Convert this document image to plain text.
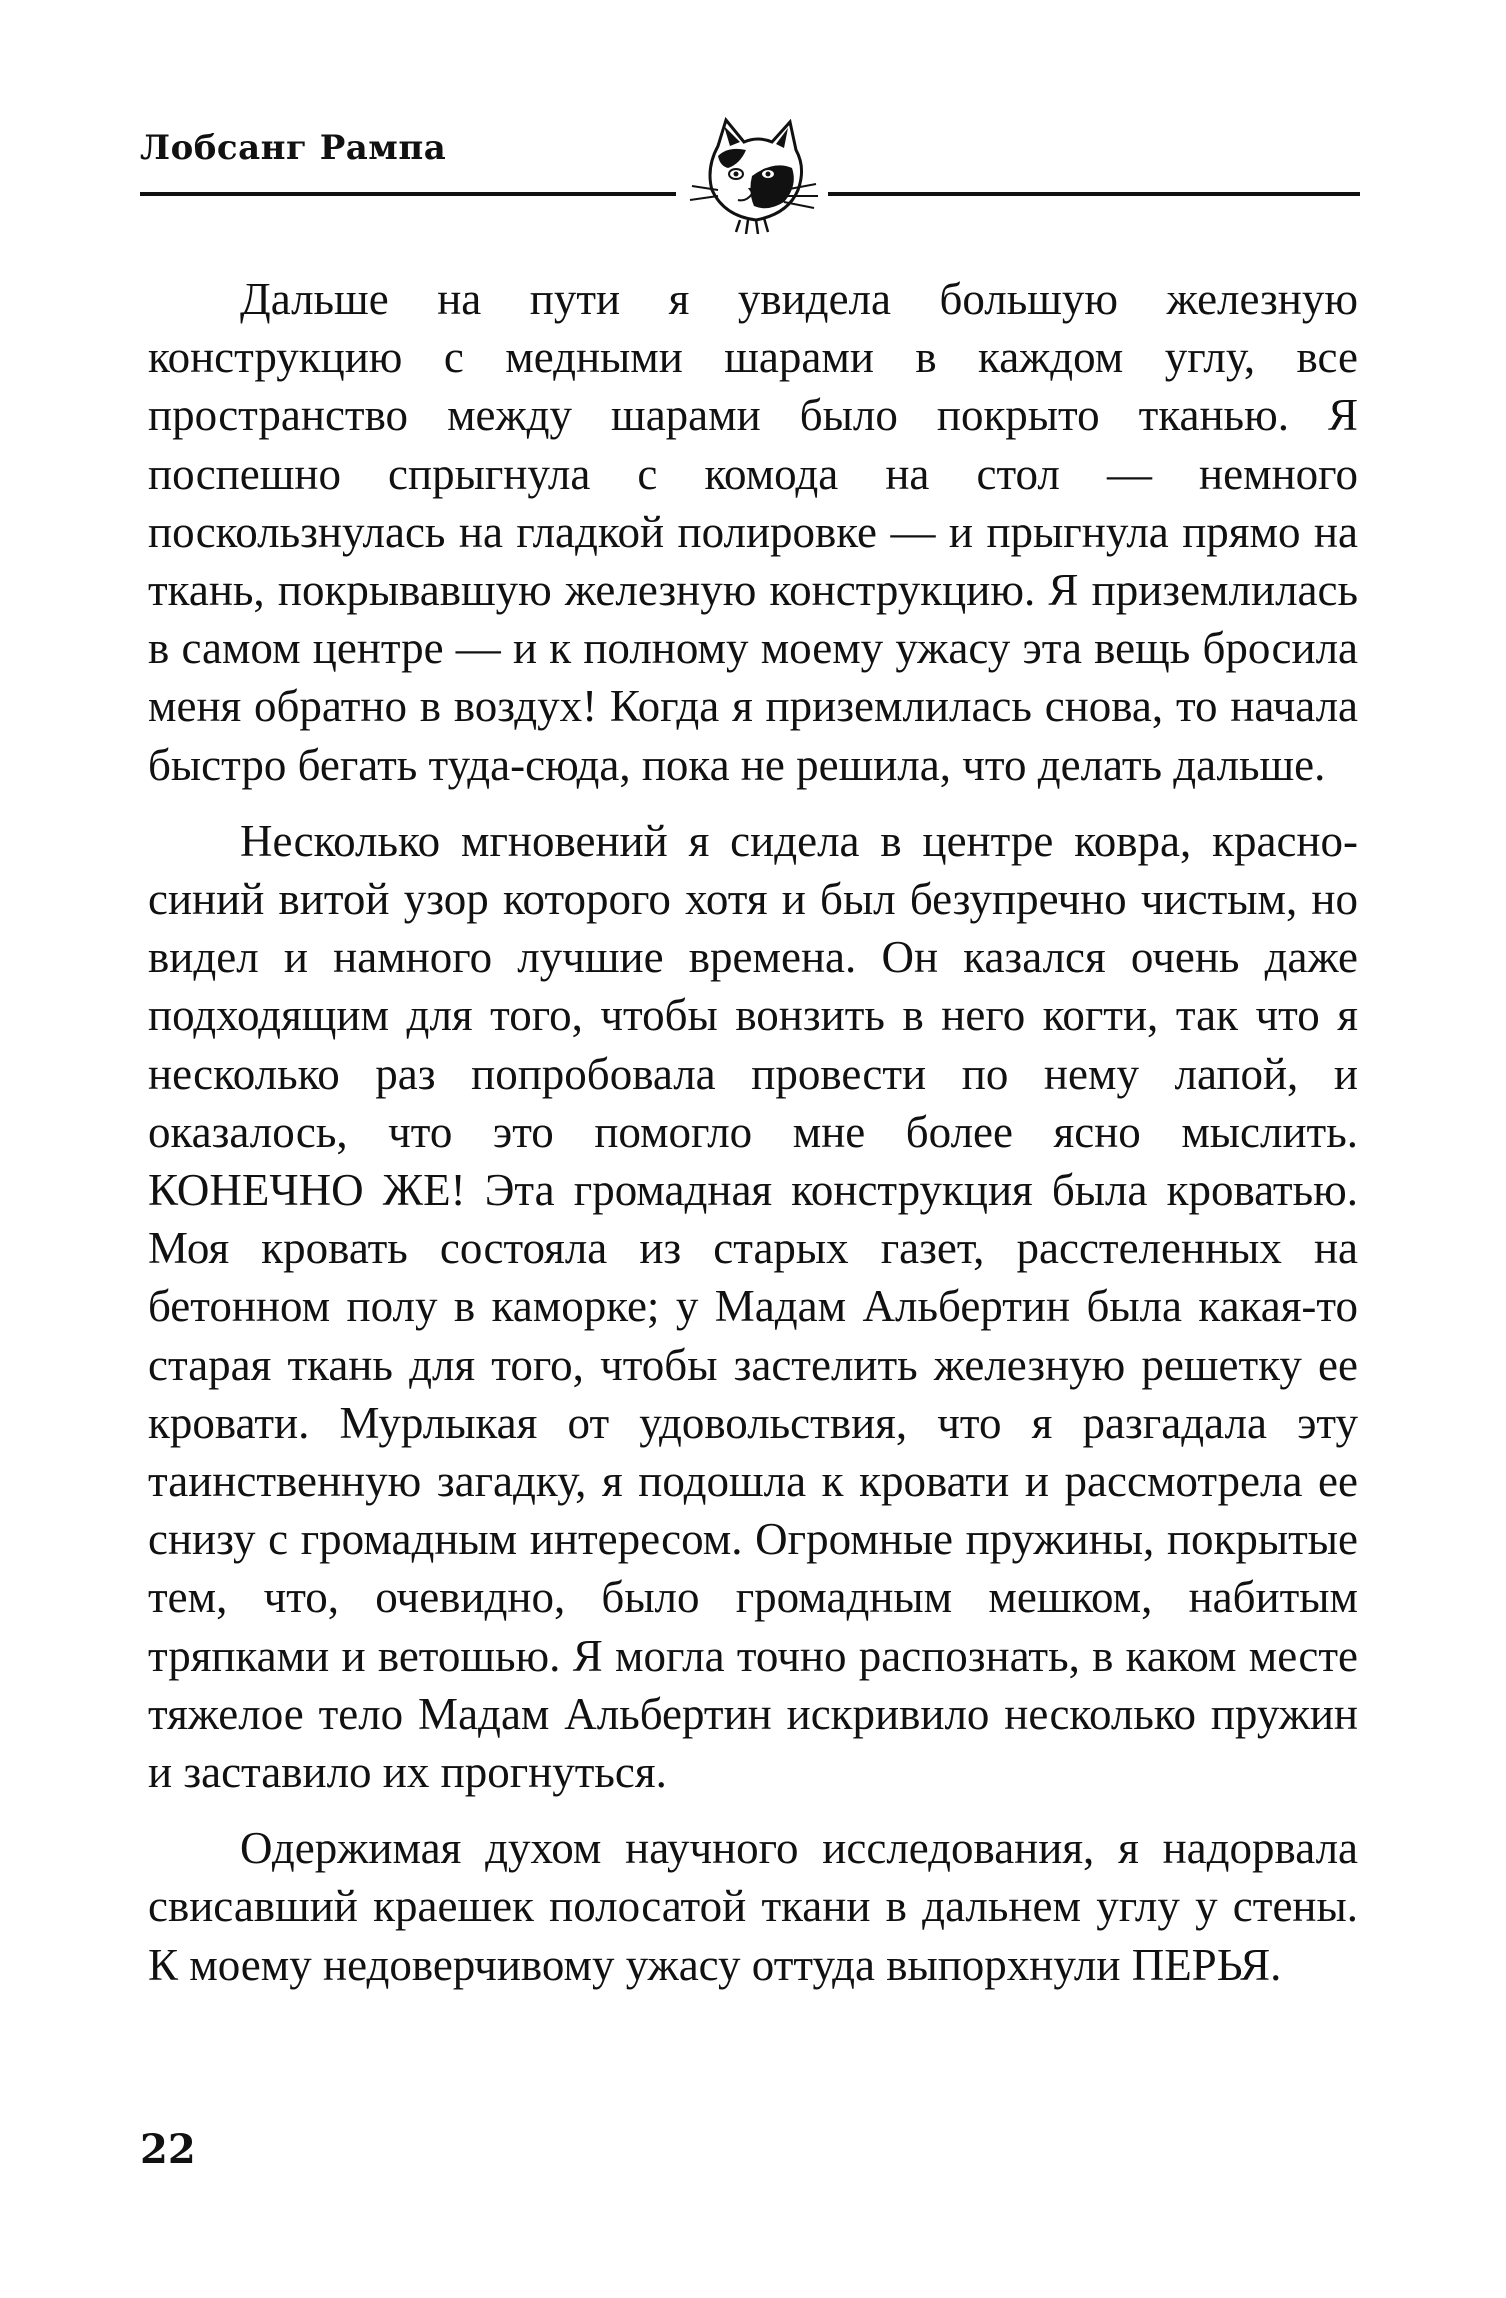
Лобсанг Рампа

Дальше на пути я увидела большую железную конструкцию с медными шарами в каждом углу, все пространство между шарами было покрыто тканью. Я поспешно спрыгнула с комода на стол — немного поскользнулась на гладкой полировке — и прыгнула прямо на ткань, покрывавшую железную конструкцию. Я приземлилась в самом центре — и к полному моему ужасу эта вещь бросила меня обратно в воздух! Когда я приземлилась снова, то начала быстро бегать туда-сюда, пока не решила, что делать дальше.

Несколько мгновений я сидела в центре ковра, красно-синий витой узор которого хотя и был безупречно чистым, но видел и намного лучшие времена. Он казался очень даже подходящим для того, чтобы вонзить в него когти, так что я несколько раз попробовала провести по нему лапой, и оказалось, что это помогло мне более ясно мыслить. КОНЕЧНО ЖЕ! Эта громадная конструкция была кроватью. Моя кровать состояла из старых газет, расстеленных на бетонном полу в каморке; у Мадам Альбертин была какая-то старая ткань для того, чтобы застелить железную решетку ее кровати. Мурлыкая от удовольствия, что я разгадала эту таинственную загадку, я подошла к кровати и рассмотрела ее снизу с громадным интересом. Огромные пружины, покрытые тем, что, очевидно, было громадным мешком, набитым тряпками и ветошью. Я могла точно распознать, в каком месте тяжелое тело Мадам Альбертин искривило несколько пружин и заставило их прогнуться.

Одержимая духом научного исследования, я надорвала свисавший краешек полосатой ткани в дальнем углу у стены. К моему недоверчивому ужасу оттуда выпорхнули ПЕРЬЯ.

22
